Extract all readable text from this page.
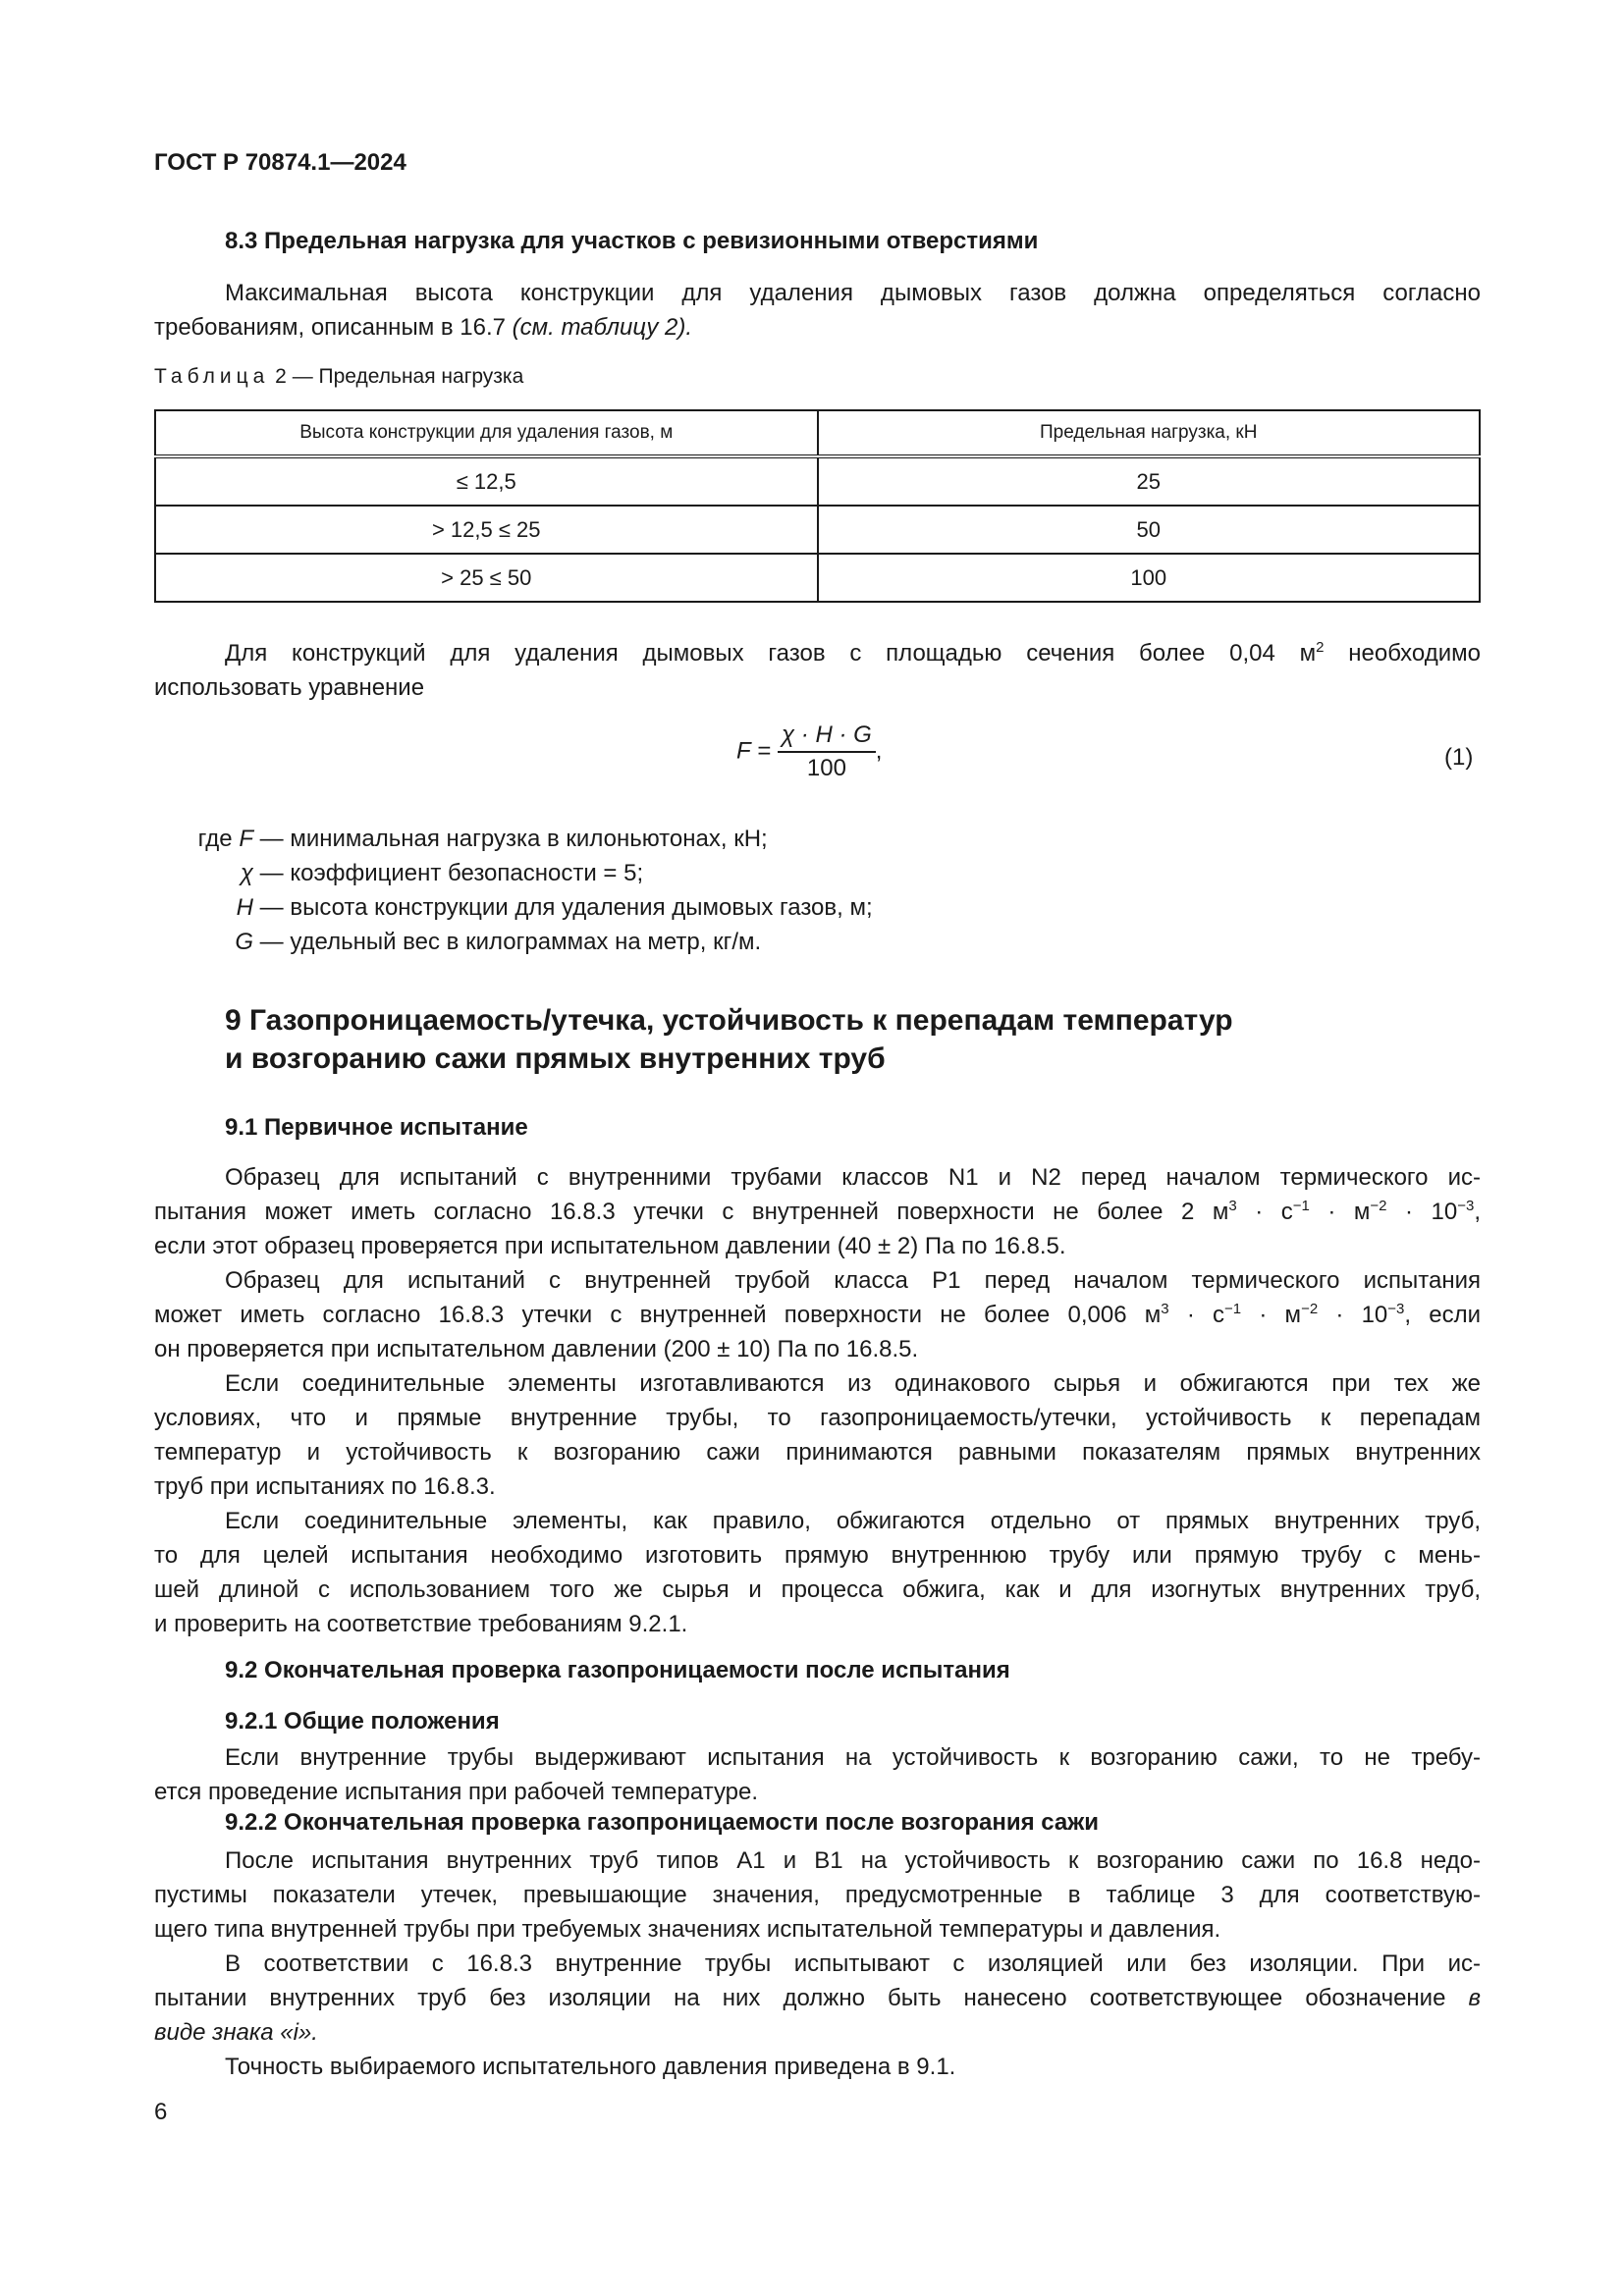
ГОСТ Р 70874.1—2024
8.3 Предельная нагрузка для участков с ревизионными отверстиями
Максимальная высота конструкции для удаления дымовых газов должна определяться согласно
требованиям, описанным в 16.7 (см. таблицу 2).
Таблица 2 — Предельная нагрузка
Высота конструкции для удаления газов, м	Предельная нагрузка, кН
≤ 12,5	25
> 12,5 ≤ 25	50
> 25 ≤ 50	100
Для конструкций для удаления дымовых газов с площадью сечения более 0,04 $м^2$ необходимо
использовать уравнение
$F = \frac{\chi \cdot H \cdot G}{100}$ ,	(1)
где F — минимальная нагрузка в килоньютонах, кН;
χ — коэффициент безопасности = 5;
H — высота конструкции для удаления дымовых газов, м;
G — удельный вес в килограммах на метр, кг/м.
9 Газопроницаемость/утечка, устойчивость к перепадам температур
и возгоранию сажи прямых внутренних труб
9.1 Первичное испытание
Образец для испытаний с внутренними трубами классов N1 и N2 перед началом термического ис-
пытания может иметь согласно 16.8.3 утечки с внутренней поверхности не более 2 $м^3 \cdot с^{-1} \cdot м^{-2} \cdot 10^{-3}$,
если этот образец проверяется при испытательном давлении (40 ± 2) Па по 16.8.5.
Образец для испытаний с внутренней трубой класса P1 перед началом термического испытания
может иметь согласно 16.8.3 утечки с внутренней поверхности не более 0,006 $м^3 \cdot с^{-1} \cdot м^{-2} \cdot 10^{-3}$, если
он проверяется при испытательном давлении (200 ± 10) Па по 16.8.5.
Если соединительные элементы изготавливаются из одинакового сырья и обжигаются при тех же
условиях, что и прямые внутренние трубы, то газопроницаемость/утечки, устойчивость к перепадам
температур и устойчивость к возгоранию сажи принимаются равными показателям прямых внутренних
труб при испытаниях по 16.8.3.
Если соединительные элементы, как правило, обжигаются отдельно от прямых внутренних труб,
то для целей испытания необходимо изготовить прямую внутреннюю трубу или прямую трубу с мень-
шей длиной с использованием того же сырья и процесса обжига, как и для изогнутых внутренних труб,
и проверить на соответствие требованиям 9.2.1.
9.2 Окончательная проверка газопроницаемости после испытания
9.2.1 Общие положения
Если внутренние трубы выдерживают испытания на устойчивость к возгоранию сажи, то не требу-
ется проведение испытания при рабочей температуре.
9.2.2 Окончательная проверка газопроницаемости после возгорания сажи
После испытания внутренних труб типов A1 и B1 на устойчивость к возгоранию сажи по 16.8 недо-
пустимы показатели утечек, превышающие значения, предусмотренные в таблице 3 для соответствую-
щего типа внутренней трубы при требуемых значениях испытательной температуры и давления.
В соответствии с 16.8.3 внутренние трубы испытывают с изоляцией или без изоляции. При ис-
пытании внутренних труб без изоляции на них должно быть нанесено соответствующее обозначение в
виде знака «i».
Точность выбираемого испытательного давления приведена в 9.1.
6
